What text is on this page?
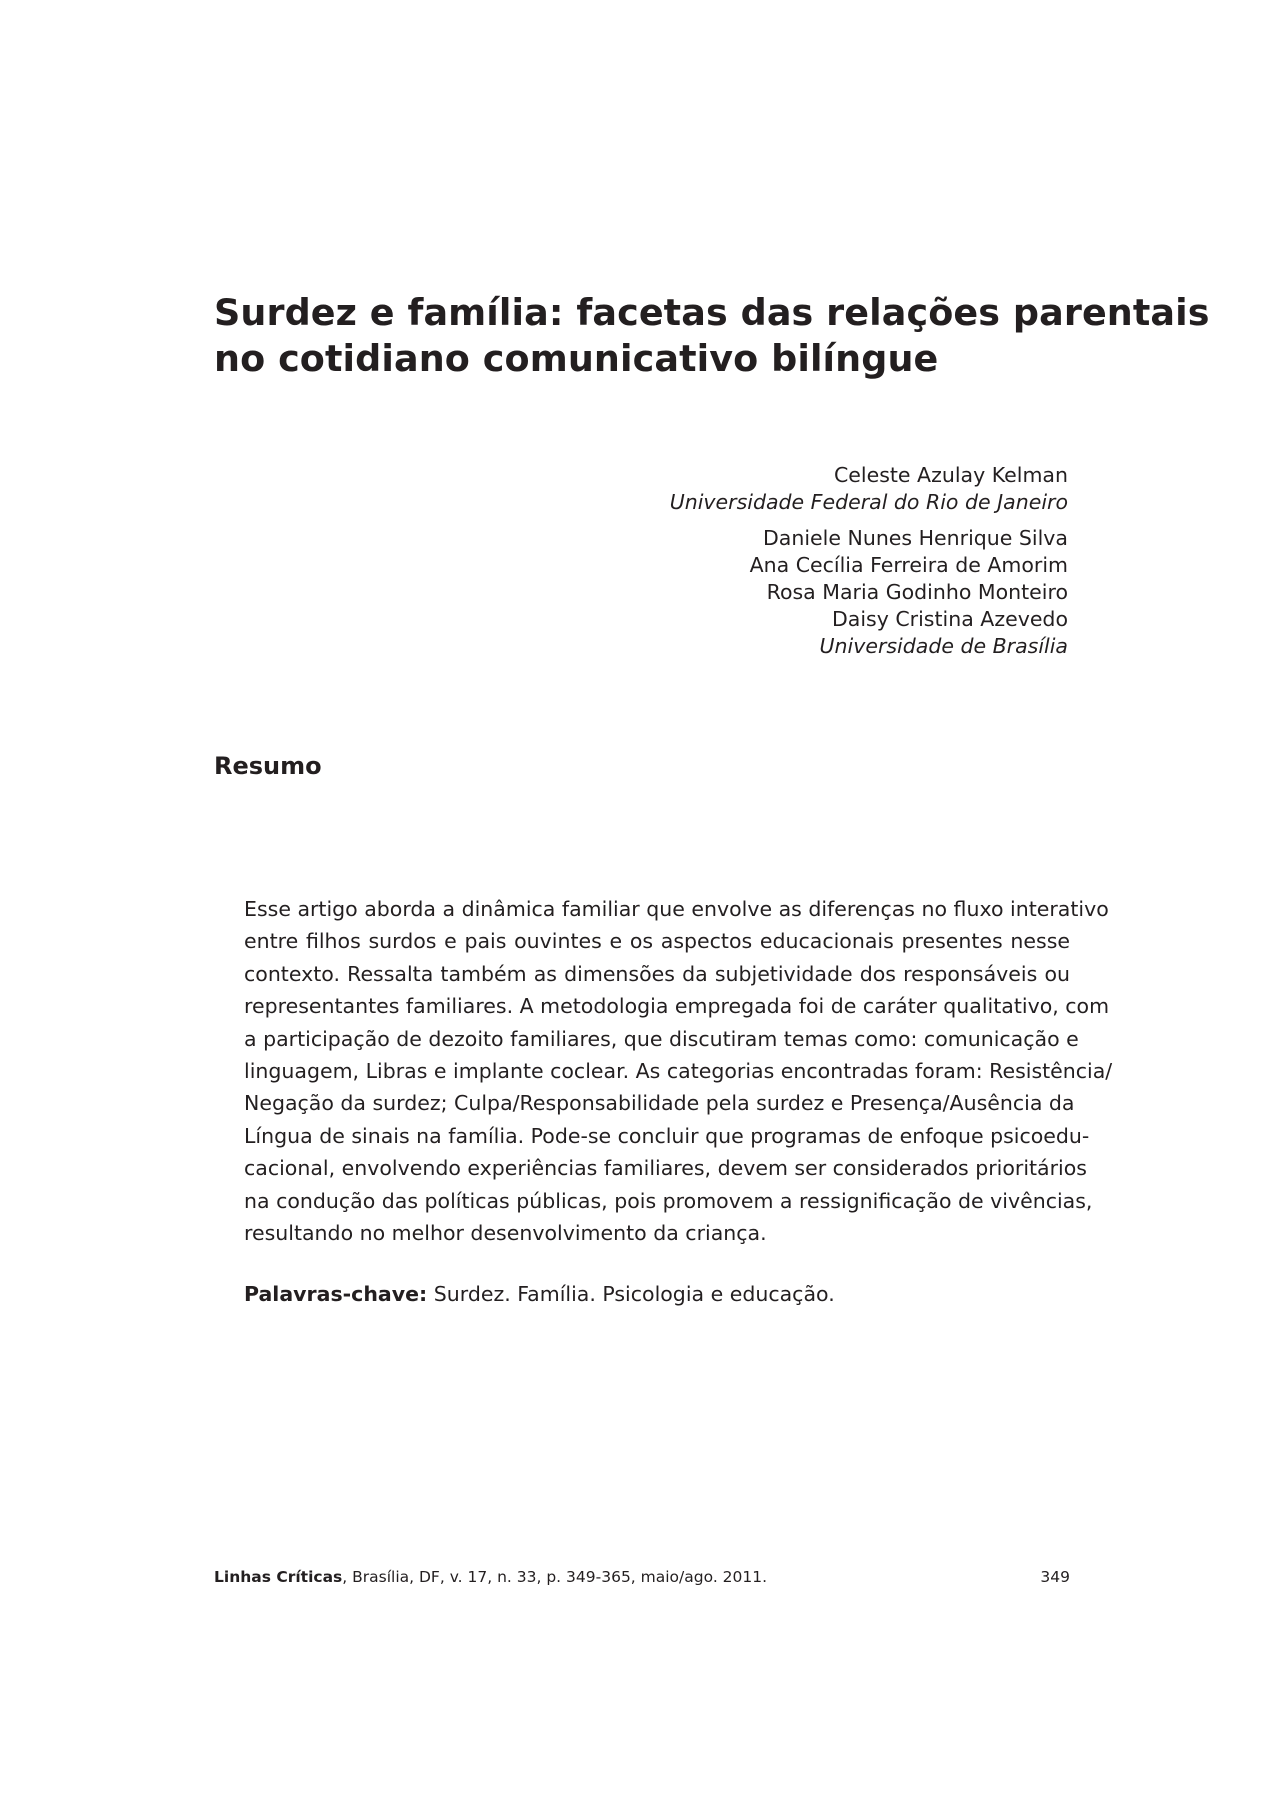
Surdez e família: facetas das relações parentais
no cotidiano comunicativo bilíngue
Celeste Azulay Kelman
Universidade Federal do Rio de Janeiro
Daniele Nunes Henrique Silva
Ana Cecília Ferreira de Amorim
Rosa Maria Godinho Monteiro
Daisy Cristina Azevedo
Universidade de Brasília
Resumo
Esse artigo aborda a dinâmica familiar que envolve as diferenças no fluxo interativo
entre filhos surdos e pais ouvintes e os aspectos educacionais presentes nesse
contexto. Ressalta também as dimensões da subjetividade dos responsáveis ou
representantes familiares. A metodologia empregada foi de caráter qualitativo, com
a participação de dezoito familiares, que discutiram temas como: comunicação e
linguagem, Libras e implante coclear. As categorias encontradas foram: Resistência/
Negação da surdez; Culpa/Responsabilidade pela surdez e Presença/Ausência da
Língua de sinais na família. Pode-se concluir que programas de enfoque psicoedu-
cacional, envolvendo experiências familiares, devem ser considerados prioritários
na condução das políticas públicas, pois promovem a ressignificação de vivências,
resultando no melhor desenvolvimento da criança.
Palavras-chave: Surdez. Família. Psicologia e educação.
Linhas Críticas, Brasília, DF, v. 17, n. 33, p. 349-365, maio/ago. 2011.	349
